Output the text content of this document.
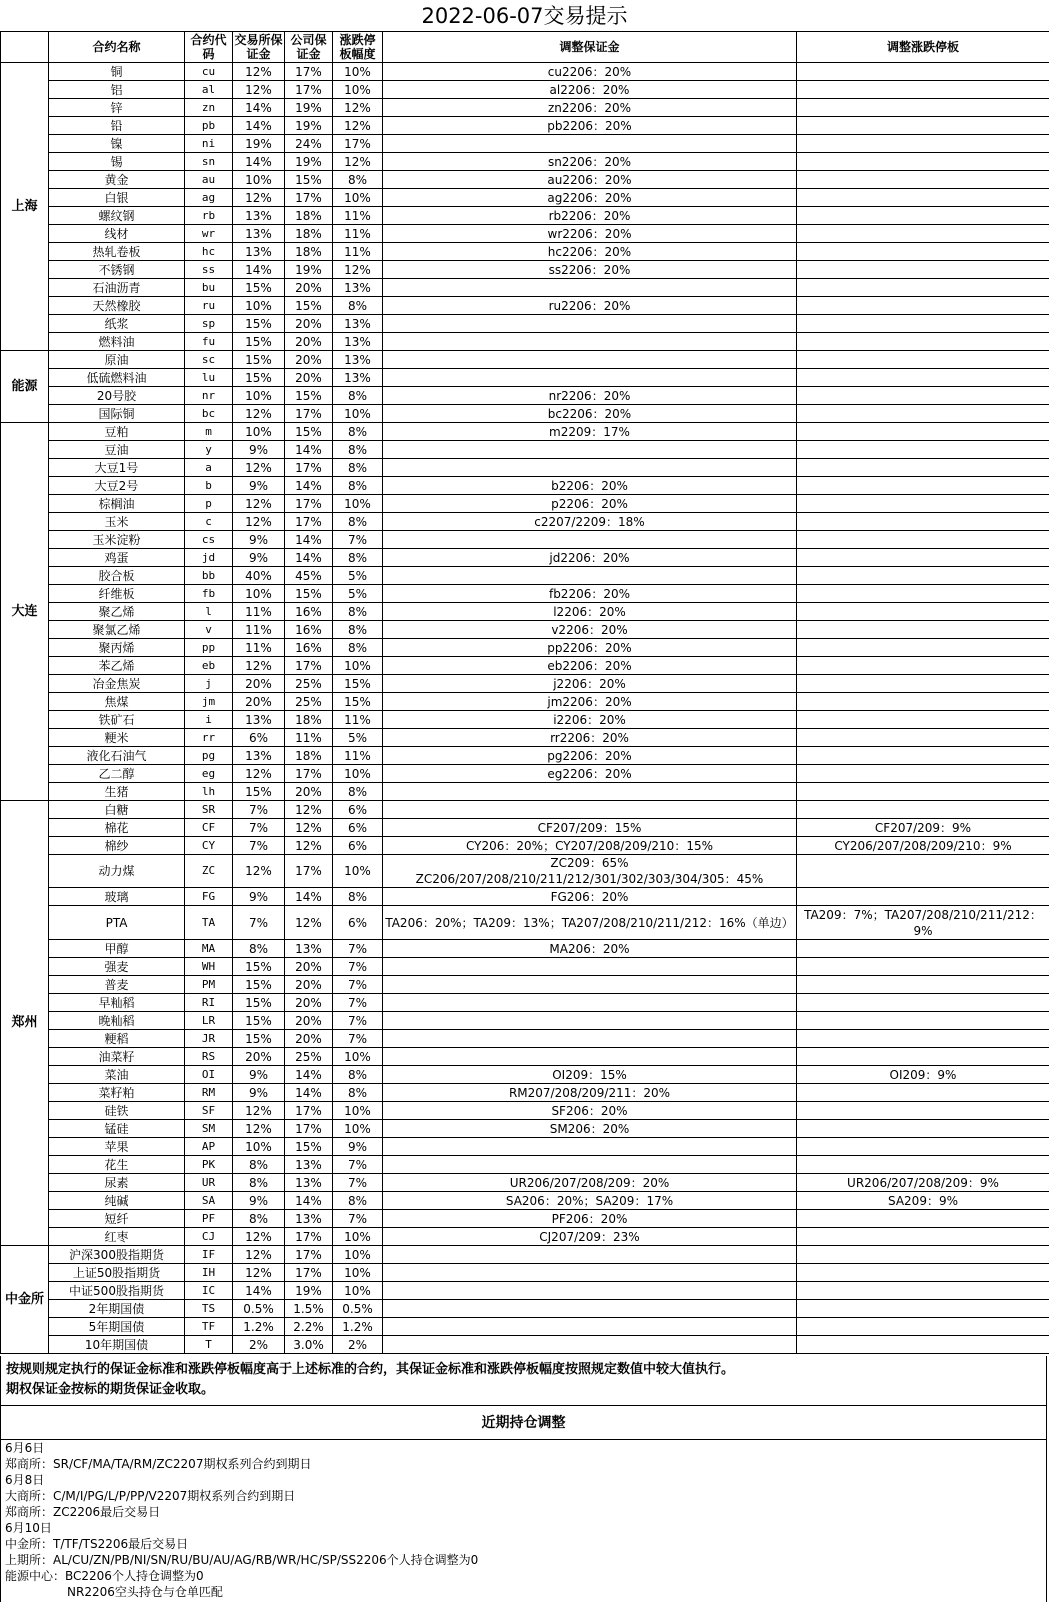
2022-06-07交易提示
	合约名称	合约代码	交易所保证金	公司保证金	涨跌停板幅度	调整保证金	调整涨跌停板
上海	铜	cu	12%	17%	10%	cu2206：20%	
	铝	al	12%	17%	10%	al2206：20%	
	锌	zn	14%	19%	12%	zn2206：20%	
	铅	pb	14%	19%	12%	pb2206：20%	
	镍	ni	19%	24%	17%		
	锡	sn	14%	19%	12%	sn2206：20%	
	黄金	au	10%	15%	8%	au2206：20%	
	白银	ag	12%	17%	10%	ag2206：20%	
	螺纹钢	rb	13%	18%	11%	rb2206：20%	
	线材	wr	13%	18%	11%	wr2206：20%	
	热轧卷板	hc	13%	18%	11%	hc2206：20%	
	不锈钢	ss	14%	19%	12%	ss2206：20%	
	石油沥青	bu	15%	20%	13%		
	天然橡胶	ru	10%	15%	8%	ru2206：20%	
	纸浆	sp	15%	20%	13%		
	燃料油	fu	15%	20%	13%		
能源	原油	sc	15%	20%	13%		
	低硫燃料油	lu	15%	20%	13%		
	20号胶	nr	10%	15%	8%	nr2206：20%	
	国际铜	bc	12%	17%	10%	bc2206：20%	
大连	豆粕	m	10%	15%	8%	m2209：17%	
	豆油	y	9%	14%	8%		
	大豆1号	a	12%	17%	8%		
	大豆2号	b	9%	14%	8%	b2206：20%	
	棕榈油	p	12%	17%	10%	p2206：20%	
	玉米	c	12%	17%	8%	c2207/2209：18%	
	玉米淀粉	cs	9%	14%	7%		
	鸡蛋	jd	9%	14%	8%	jd2206：20%	
	胶合板	bb	40%	45%	5%		
	纤维板	fb	10%	15%	5%	fb2206：20%	
	聚乙烯	l	11%	16%	8%	l2206：20%	
	聚氯乙烯	v	11%	16%	8%	v2206：20%	
	聚丙烯	pp	11%	16%	8%	pp2206：20%	
	苯乙烯	eb	12%	17%	10%	eb2206：20%	
	冶金焦炭	j	20%	25%	15%	j2206：20%	
	焦煤	jm	20%	25%	15%	jm2206：20%	
	铁矿石	i	13%	18%	11%	i2206：20%	
	粳米	rr	6%	11%	5%	rr2206：20%	
	液化石油气	pg	13%	18%	11%	pg2206：20%	
	乙二醇	eg	12%	17%	10%	eg2206：20%	
	生猪	lh	15%	20%	8%		
郑州	白糖	SR	7%	12%	6%		
	棉花	CF	7%	12%	6%	CF207/209：15%	CF207/209：9%
	棉纱	CY	7%	12%	6%	CY206：20%；CY207/208/209/210：15%	CY206/207/208/209/210：9%
	动力煤	ZC	12%	17%	10%	ZC209：65%
ZC206/207/208/210/211/212/301/302/303/304/305：45%	
	玻璃	FG	9%	14%	8%	FG206：20%	
	PTA	TA	7%	12%	6%	TA206：20%；TA209：13%；TA207/208/210/211/212：16%（单边）	TA209：7%；TA207/208/210/211/212：
9%
	甲醇	MA	8%	13%	7%	MA206：20%	
	强麦	WH	15%	20%	7%		
	普麦	PM	15%	20%	7%		
	早籼稻	RI	15%	20%	7%		
	晚籼稻	LR	15%	20%	7%		
	粳稻	JR	15%	20%	7%		
	油菜籽	RS	20%	25%	10%		
	菜油	OI	9%	14%	8%	OI209：15%	OI209：9%
	菜籽粕	RM	9%	14%	8%	RM207/208/209/211：20%	
	硅铁	SF	12%	17%	10%	SF206：20%	
	锰硅	SM	12%	17%	10%	SM206：20%	
	苹果	AP	10%	15%	9%		
	花生	PK	8%	13%	7%		
	尿素	UR	8%	13%	7%	UR206/207/208/209：20%	UR206/207/208/209：9%
	纯碱	SA	9%	14%	8%	SA206：20%；SA209：17%	SA209：9%
	短纤	PF	8%	13%	7%	PF206：20%	
	红枣	CJ	12%	17%	10%	CJ207/209：23%	
中金所	沪深300股指期货	IF	12%	17%	10%		
	上证50股指期货	IH	12%	17%	10%		
	中证500股指期货	IC	14%	19%	10%		
	2年期国债	TS	0.5%	1.5%	0.5%		
	5年期国债	TF	1.2%	2.2%	1.2%		
	10年期国债	T	2%	3.0%	2%		
按规则规定执行的保证金标准和涨跌停板幅度高于上述标准的合约，其保证金标准和涨跌停板幅度按照规定数值中较大值执行。
期权保证金按标的期货保证金收取。
近期持仓调整
6月6日
郑商所：SR/CF/MA/TA/RM/ZC2207期权系列合约到期日
6月8日
大商所：C/M/I/PG/L/P/PP/V2207期权系列合约到期日
郑商所：ZC2206最后交易日
6月10日
中金所：T/TF/TS2206最后交易日
上期所：AL/CU/ZN/PB/NI/SN/RU/BU/AU/AG/RB/WR/HC/SP/SS2206个人持仓调整为0
能源中心：BC2206个人持仓调整为0
NR2206空头持仓与仓单匹配
